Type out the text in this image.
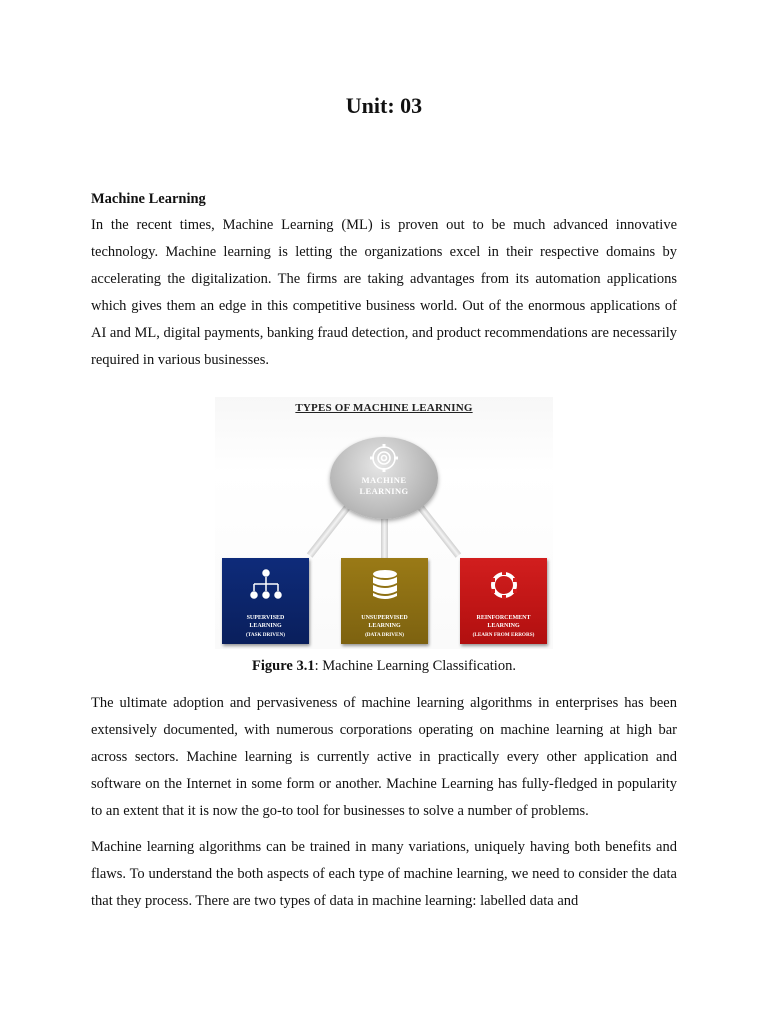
Unit: 03
Machine Learning

In the recent times, Machine Learning (ML) is proven out to be much advanced innovative technology. Machine learning is letting the organizations excel in their respective domains by accelerating the digitalization. The firms are taking advantages from its automation applications which gives them an edge in this competitive business world. Out of the enormous applications of AI and ML, digital payments, banking fraud detection, and product recommendations are necessarily required in various businesses.

TYPES OF MACHINE LEARNING
MACHINE
LEARNING
SUPERVISED
LEARNING
(TASK DRIVEN)
UNSUPERVISED
LEARNING
(DATA DRIVEN)
REINFORCEMENT
LEARNING
(LEARN FROM ERRORS)

Figure 3.1: Machine Learning Classification.

The ultimate adoption and pervasiveness of machine learning algorithms in enterprises has been extensively documented, with numerous corporations operating on machine learning at high bar across sectors. Machine learning is currently active in practically every other application and software on the Internet in some form or another. Machine Learning has fully-fledged in popularity to an extent that it is now the go-to tool for businesses to solve a number of problems.

Machine learning algorithms can be trained in many variations, uniquely having both benefits and flaws. To understand the both aspects of each type of machine learning, we need to consider the data that they process. There are two types of data in machine learning: labelled data and
